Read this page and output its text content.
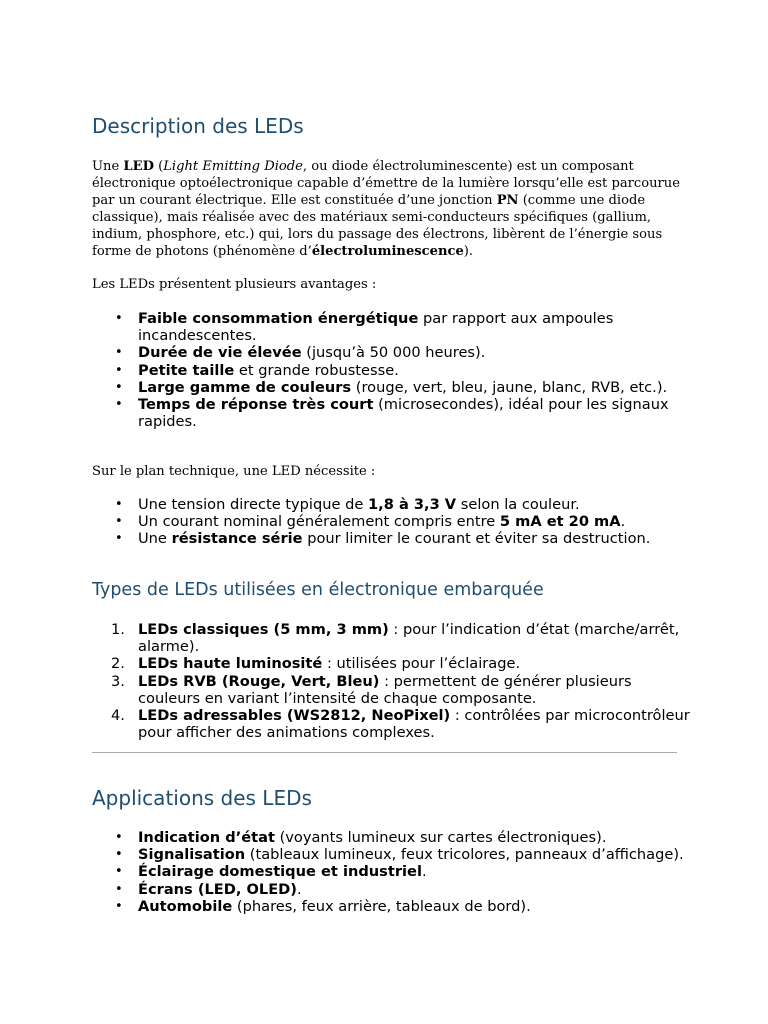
Description des LEDs

Une LED (Light Emitting Diode, ou diode électroluminescente) est un composant électronique optoélectronique capable d’émettre de la lumière lorsqu’elle est parcourue par un courant électrique. Elle est constituée d’une jonction PN (comme une diode classique), mais réalisée avec des matériaux semi-conducteurs spécifiques (gallium, indium, phosphore, etc.) qui, lors du passage des électrons, libèrent de l’énergie sous forme de photons (phénomène d’électroluminescence).

Les LEDs présentent plusieurs avantages :

• Faible consommation énergétique par rapport aux ampoules incandescentes.
• Durée de vie élevée (jusqu’à 50 000 heures).
• Petite taille et grande robustesse.
• Large gamme de couleurs (rouge, vert, bleu, jaune, blanc, RVB, etc.).
• Temps de réponse très court (microsecondes), idéal pour les signaux rapides.

Sur le plan technique, une LED nécessite :

• Une tension directe typique de 1,8 à 3,3 V selon la couleur.
• Un courant nominal généralement compris entre 5 mA et 20 mA.
• Une résistance série pour limiter le courant et éviter sa destruction.
Types de LEDs utilisées en électronique embarquée
LEDs classiques (5 mm, 3 mm) : pour l’indication d’état (marche/arrêt, alarme).
LEDs haute luminosité : utilisées pour l’éclairage.
LEDs RVB (Rouge, Vert, Bleu) : permettent de générer plusieurs couleurs en variant l’intensité de chaque composante.
LEDs adressables (WS2812, NeoPixel) : contrôlées par microcontrôleur pour afficher des animations complexes.
Applications des LEDs
• Indication d’état (voyants lumineux sur cartes électroniques).
• Signalisation (tableaux lumineux, feux tricolores, panneaux d’affichage).
• Éclairage domestique et industriel.
• Écrans (LED, OLED).
• Automobile (phares, feux arrière, tableaux de bord).
